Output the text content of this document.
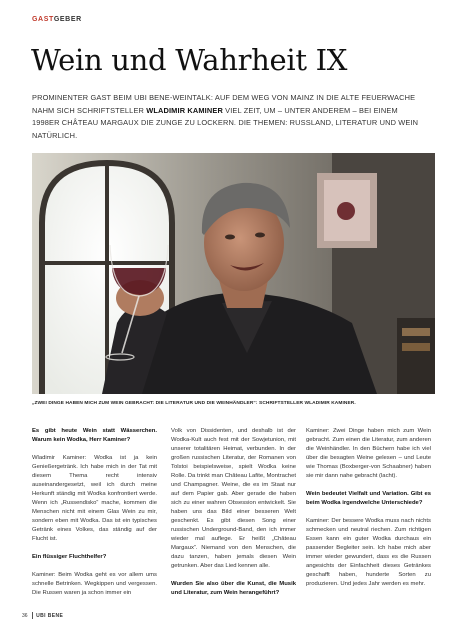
GASTGEBER
Wein und Wahrheit IX
PROMINENTER GAST BEIM UBI BENE-WEINTALK: AUF DEM WEG VON MAINZ IN DIE ALTE FEUERWACHE NAHM SICH SCHRIFTSTELLER WLADIMIR KAMINER VIEL ZEIT, UM – UNTER ANDEREM – BEI EINEM 1998ER CHÂTEAU MARGAUX DIE ZUNGE ZU LOCKERN. DIE THEMEN: RUSSLAND, LITERATUR UND WEIN NATÜRLICH.
„ZWEI DINGE HABEN MICH ZUM WEIN GEBRACHT: DIE LITERATUR UND DIE WEINHÄNDLER“: SCHRIFTSTELLER WLADIMIR KAMINER.

Es gibt heute Wein statt Wässerchen. Warum kein Wodka, Herr Kaminer?

Wladimir Kaminer: Wodka ist ja kein Genießergetränk. Ich habe mich in der Tat mit diesem Thema recht intensiv auseinandergesetzt, weil ich durch meine Herkunft ständig mit Wodka konfrontiert werde. Wenn ich „Russendisko“ mache, kommen die Menschen nicht mit einem Glas Wein zu mir, sondern eben mit Wodka. Das ist ein typisches Getränk eines Volkes, das ständig auf der Flucht ist.

Ein flüssiger Fluchthelfer?

Kaminer: Beim Wodka geht es vor allem ums schnelle Betrinken. Wegkippen und vergessen. Die Russen waren ja schon immer ein

Volk von Dissidenten, und deshalb ist der Wodka-Kult auch fest mit der Sowjetunion, mit unserer totalitären Heimat, verbunden. In der großen russischen Literatur, der Romanen von Tolstoi beispielsweise, spielt Wodka keine Rolle. Da trinkt man Château Lafite, Montrachet und Champagner. Weine, die es im Staat nur auf dem Papier gab. Aber gerade die haben sich zu einer wahren Obsession entwickelt. Sie haben uns das Bild einer besseren Welt geschenkt. Es gibt diesen Song einer russischen Underground-Band, den ich immer wieder mal auflege. Er heißt „Château Margaux“. Niemand von den Menschen, die dazu tanzen, haben jemals diesen Wein getrunken. Aber das Lied kennen alle.

Wurden Sie also über die Kunst, die Musik und Literatur, zum Wein herangeführt?

Kaminer: Zwei Dinge haben mich zum Wein gebracht. Zum einen die Literatur, zum anderen die Weinhändler. In den Büchern habe ich viel über die besagten Weine gelesen – und Leute wie Thomas (Boxberger-von Schaabner) haben sie mir dann nahe gebracht (lacht).

Wein bedeutet Vielfalt und Variation. Gibt es beim Wodka irgendwelche Unterschiede?

Kaminer: Der bessere Wodka muss nach nichts schmecken und neutral riechen. Zum richtigen Essen kann ein guter Wodka durchaus ein passender Begleiter sein. Ich habe mich aber immer wieder gewundert, dass es die Russen angesichts der Einfachheit dieses Getränkes geschafft haben, hunderte Sorten zu produzieren. Und jedes Jahr werden es mehr.

36 UBI BENE
